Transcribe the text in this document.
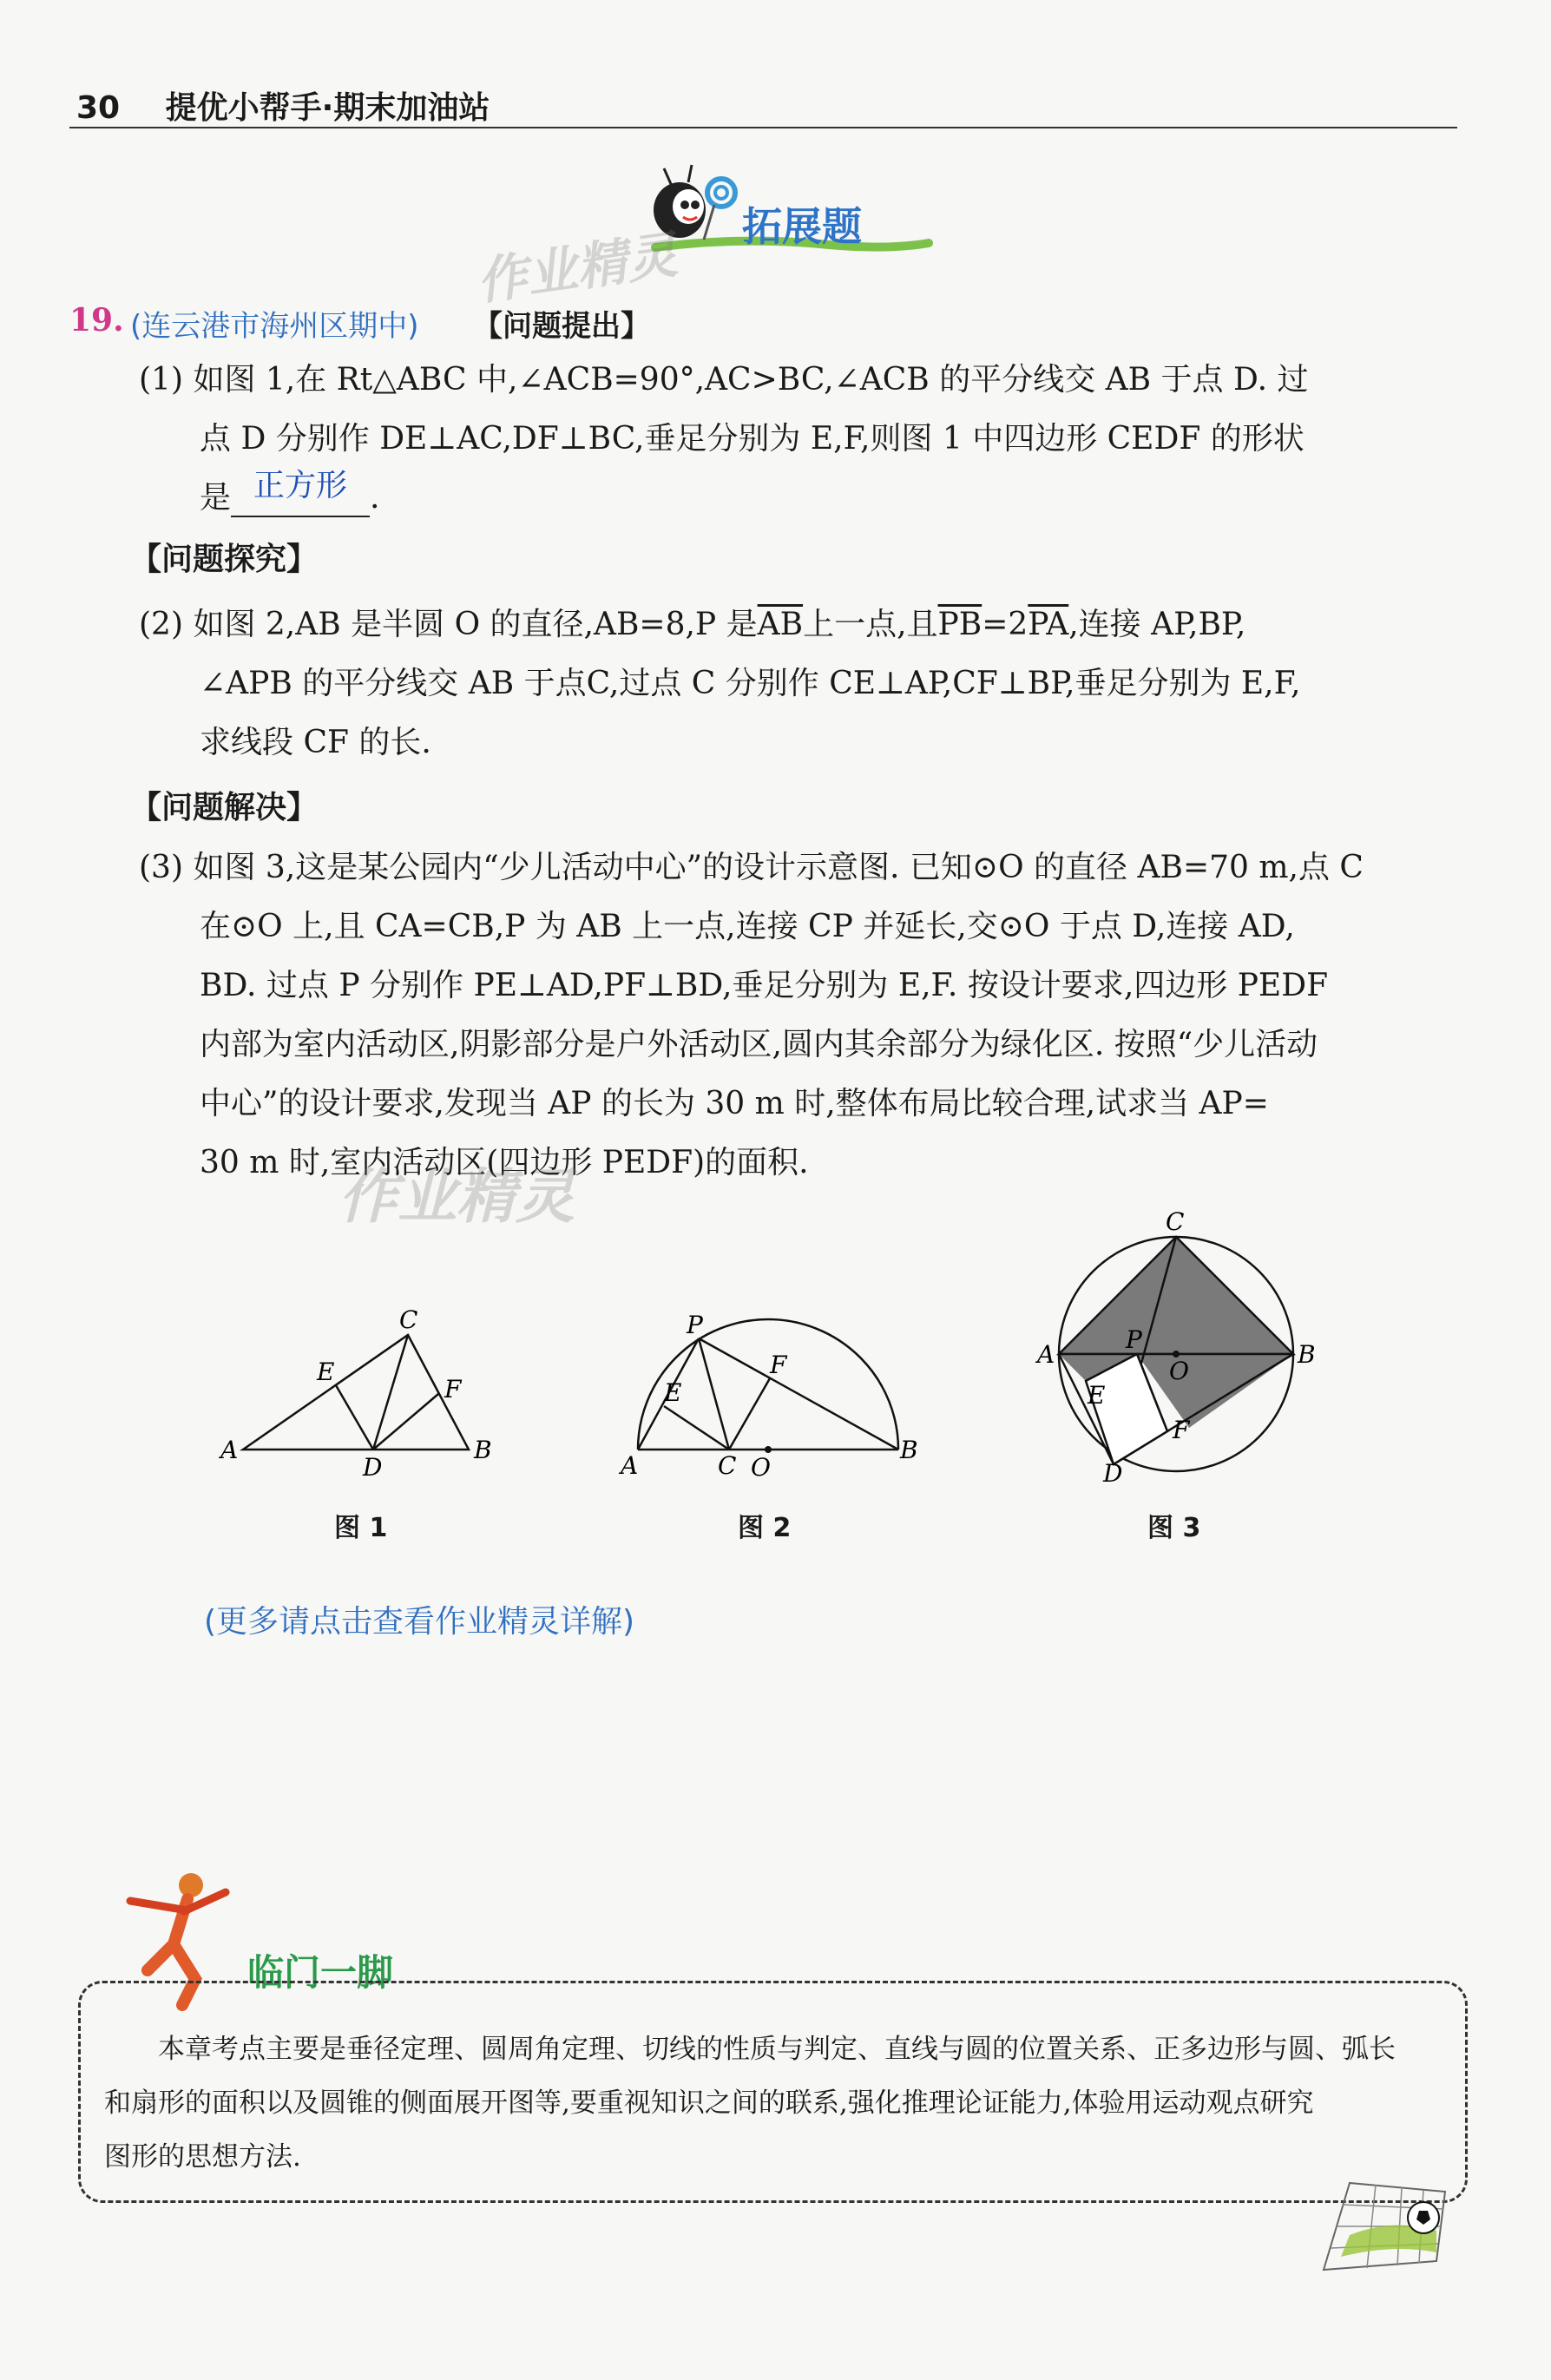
30 提优小帮手·期末加油站
拓展题
作业精灵
19. (连云港市海州区期中) 【问题提出】
(1) 如图 1,在 Rt△ABC 中,∠ACB=90°,AC>BC,∠ACB 的平分线交 AB 于点 D. 过
点 D 分别作 DE⊥AC,DF⊥BC,垂足分别为 E,F,则图 1 中四边形 CEDF 的形状
是 正方形 .
【问题探究】
(2) 如图 2,AB 是半圆 O 的直径,AB=8,P 是$\overline{AB}$上一点,且$\overline{PB}=2\overline{PA}$,连接 AP,BP,
∠APB 的平分线交 AB 于点C,过点 C 分别作 CE⊥AP,CF⊥BP,垂足分别为 E,F,
求线段 CF 的长.
【问题解决】
(3) 如图 3,这是某公园内“少儿活动中心”的设计示意图. 已知⊙O 的直径 AB=70 m,点 C
在⊙O 上,且 CA=CB,P 为 AB 上一点,连接 CP 并延长,交⊙O 于点 D,连接 AD,
BD. 过点 P 分别作 PE⊥AD,PF⊥BD,垂足分别为 E,F. 按设计要求,四边形 PEDF
内部为室内活动区,阴影部分是户外活动区,圆内其余部分为绿化区. 按照“少儿活动
中心”的设计要求,发现当 AP 的长为 30 m 时,整体布局比较合理,试求当 AP=
30 m 时,室内活动区(四边形 PEDF)的面积.
作业精灵
A	B
C
D
E
F
图 1
A
B
C O
P
E
F
图 2
A	B
C
D
O
P
E
F
图 3
(更多请点击查看作业精灵详解)
临门一脚
本章考点主要是垂径定理、圆周角定理、切线的性质与判定、直线与圆的位置关系、正多边形与圆、弧长
和扇形的面积以及圆锥的侧面展开图等,要重视知识之间的联系,强化推理论证能力,体验用运动观点研究
图形的思想方法.
